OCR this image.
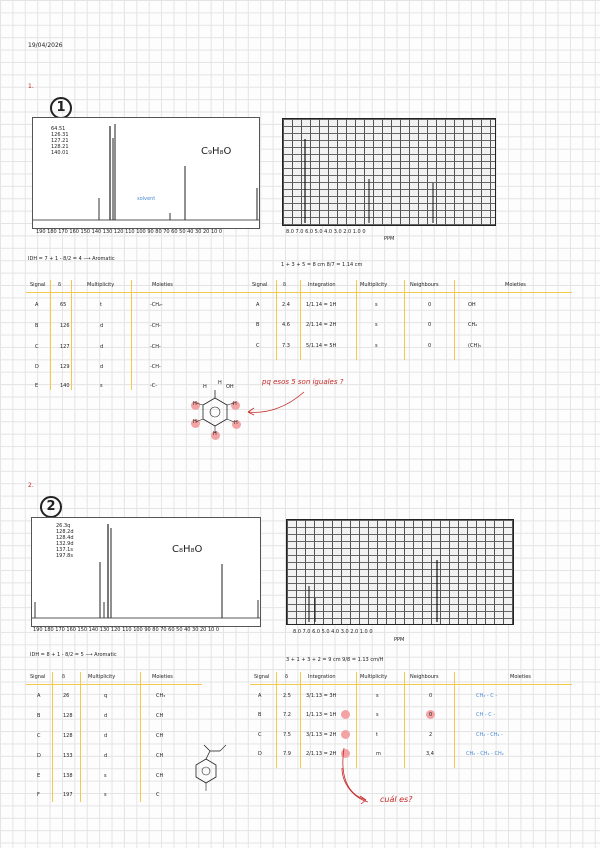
19/04/2026
1.
1
64.51
126.31
127.21
128.21
140.01	C₉H₈O
solvent
190 180 170 160 150 140 130 120 110 100 90 80 70 60 50 40 30 20 10 0	8.0 7.0 6.0 5.0 4.0 3.0 2.0 1.0 0
PPM
IDH = 7 + 1 - 8/2 = 4 ⟶ Aromatic
1 + 3 + 5 = 8 cm 8/7 = 1.14 cm
Signal	δ	Multiplicity	Moieties
A	65	t	-CH₂-
B	126	d	-CH-
C	127	d	-CH-
D	129	d	-CH-
E	140	s	-C-
Signal	δ	Integration	Multiplicity	Neighbours	Moieties
A	2.4	1/1.14 = 1H	s	0	OH
B	4.6	2/1.14 = 2H	s	0	CH₂
C	7.3	5/1.14 = 5H	s	0	(CH)₅
H
H
OH
H
H
H
H
H
pq esos 5 son iguales ?
2.
2
26.3q
128.2d
128.4d
132.9d
137.1s
197.8s
C₈H₈O
190 180 170 160 150 140 130 120 110 100 90 80 70 60 50 40 30 20 10 0	8.0 7.0 6.0 5.0 4.0 3.0 2.0 1.0 0
PPM
IDH = 8 + 1 - 8/2 = 5 ⟶ Aromatic
3 + 1 + 3 + 2 = 9 cm 9/8 = 1.13 cm/H
Signal	δ	Multiplicity	Moieties
A	26	q	CH₃
B	128	d	CH
C	128	d	CH
D	133	d	CH
E	138	s	CH
F	197	s	C
Signal	δ	Integration	Multiplicity	Neighbours	Moieties
A	2.5	3/1.13 = 3H	s	0	CH₃ - C -
B	7.2	1/1.13 = 1H	s	0	CH - C -
C	7.5	3/1.13 = 2H	t	2	CH₂ - CH₂ -
D	7.9	2/1.13 = 2H	m	3,4	CH₂ - CH₂ - CH₂
cuál es?
